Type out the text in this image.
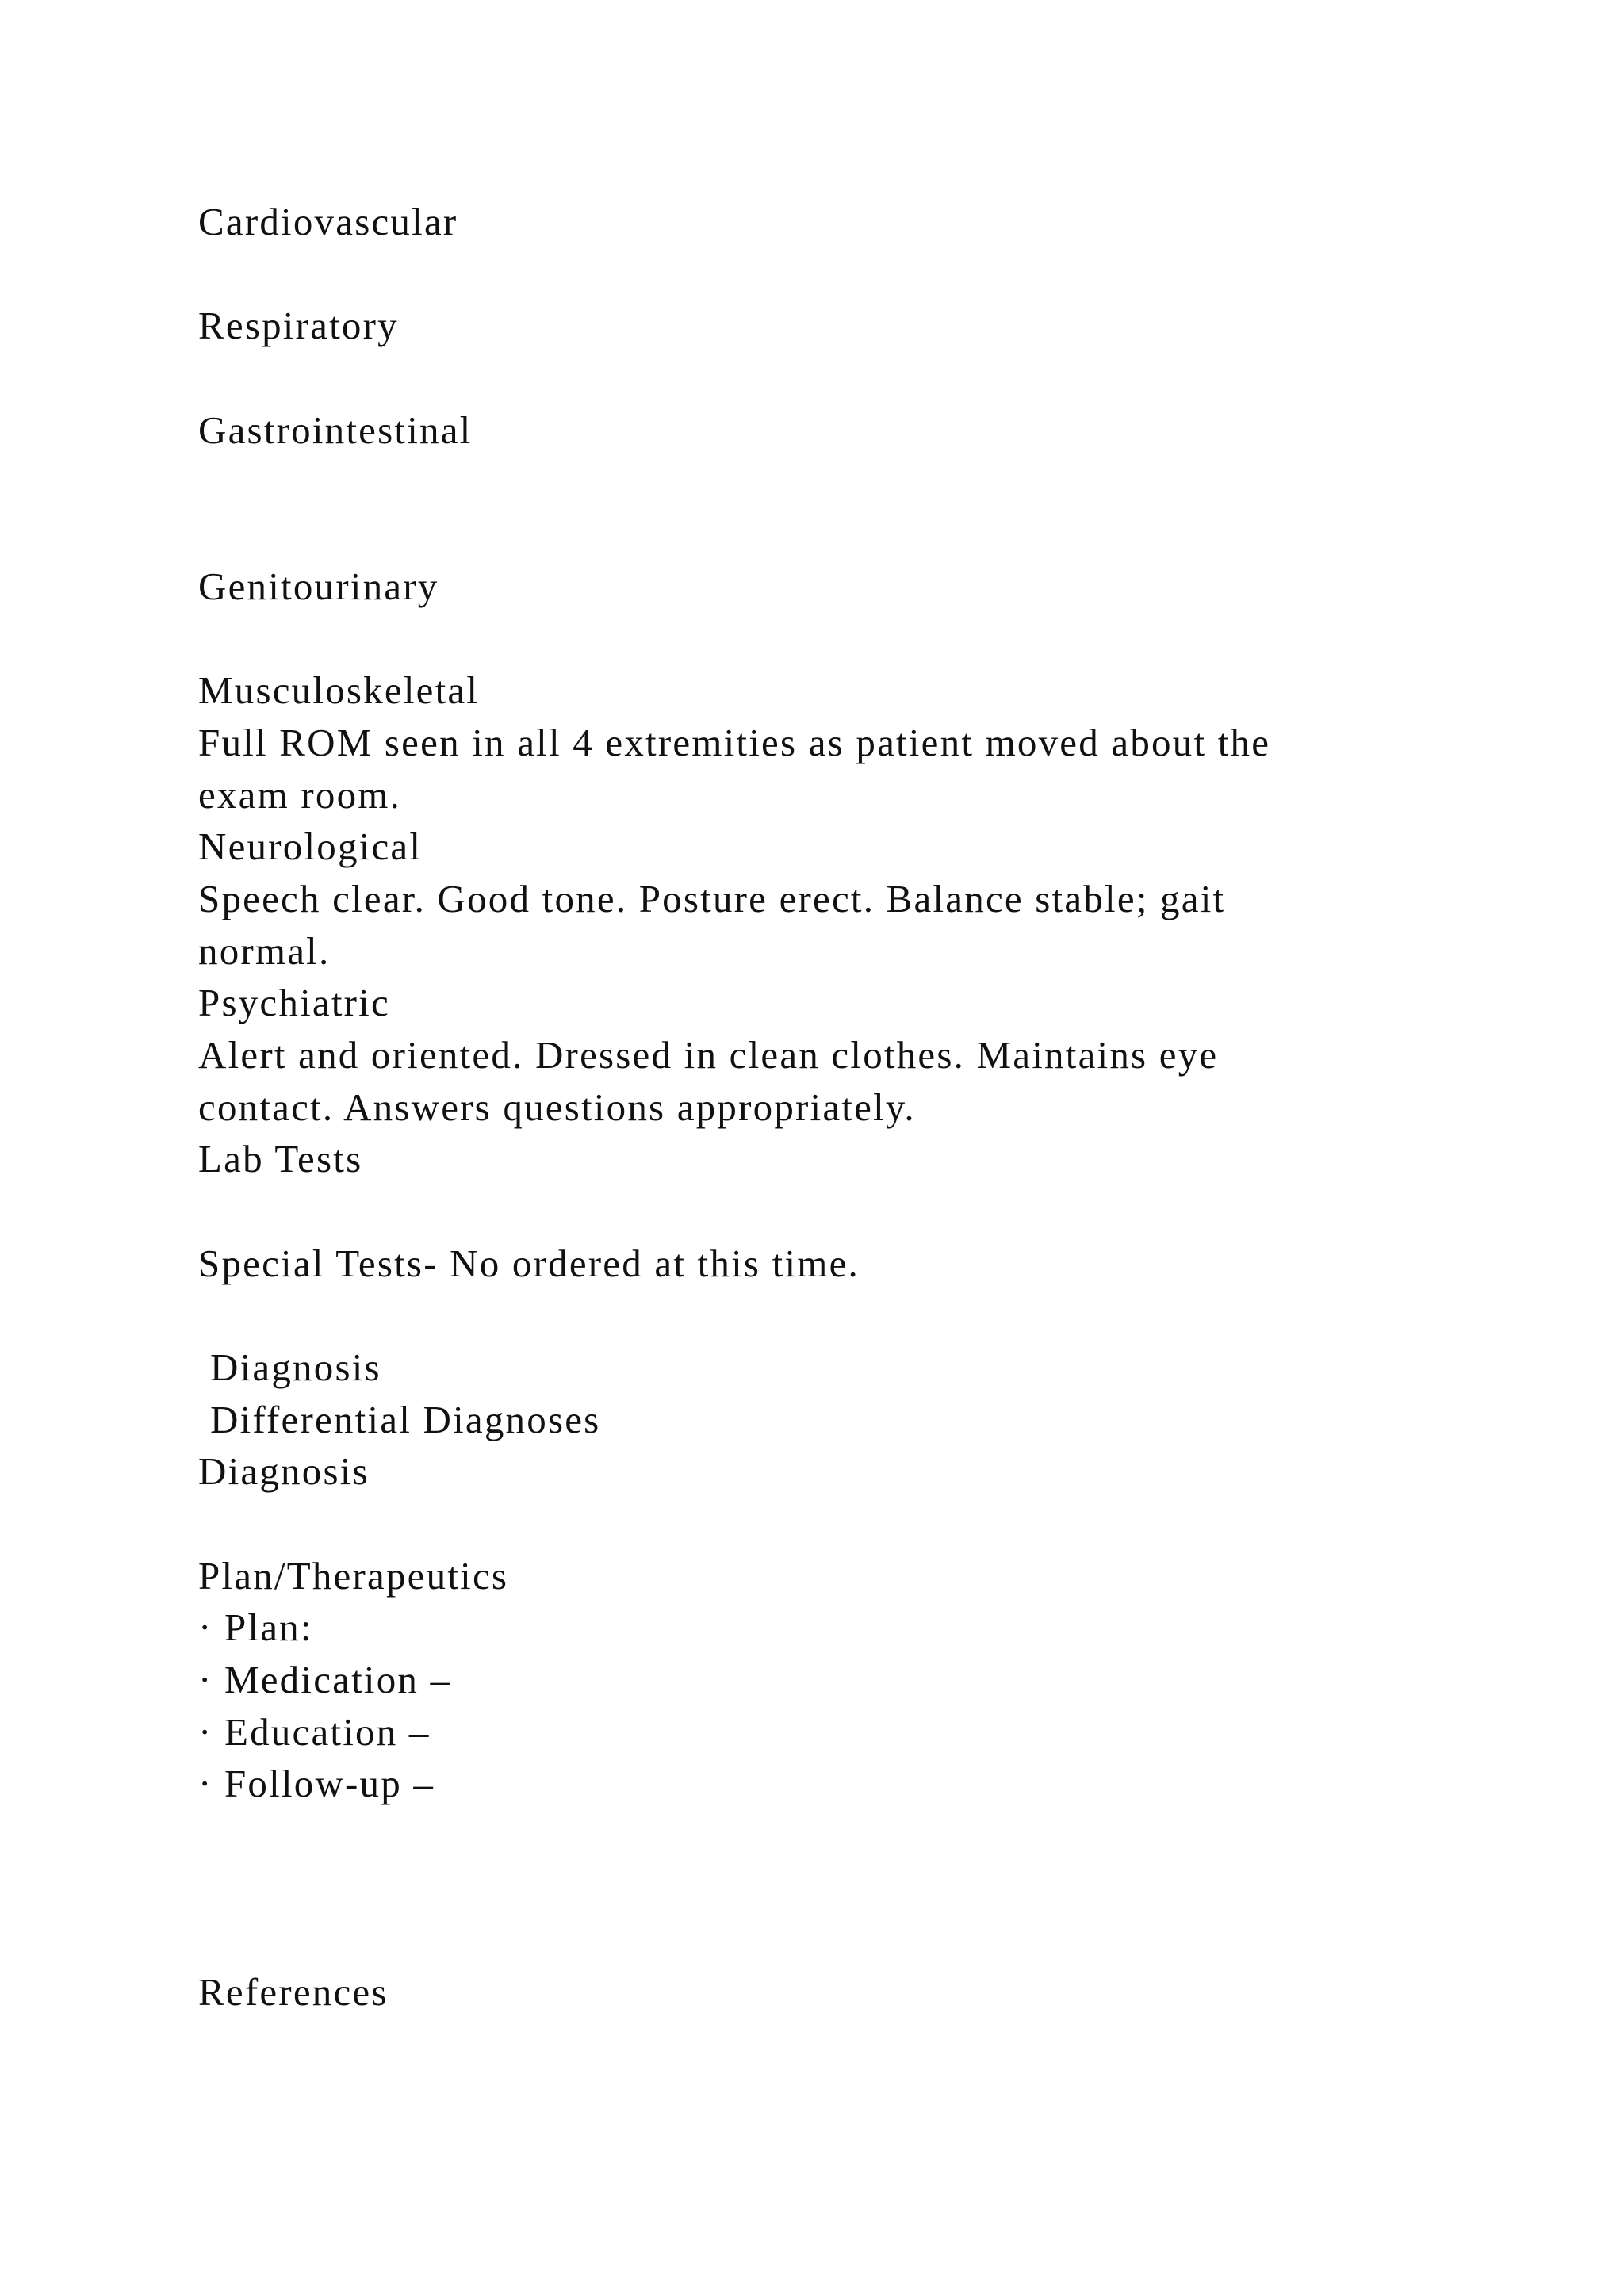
Cardiovascular

Respiratory

Gastrointestinal

Genitourinary

Musculoskeletal

Full ROM seen in all 4 extremities as patient moved about the

exam room.

Neurological

Speech clear. Good tone. Posture erect. Balance stable; gait

normal.

Psychiatric

Alert and oriented. Dressed in clean clothes. Maintains eye

contact. Answers questions appropriately.

Lab Tests

Special Tests- No ordered at this time.

Diagnosis

Differential Diagnoses

Diagnosis

Plan/Therapeutics

· Plan:

· Medication –

· Education –

· Follow-up –

References
